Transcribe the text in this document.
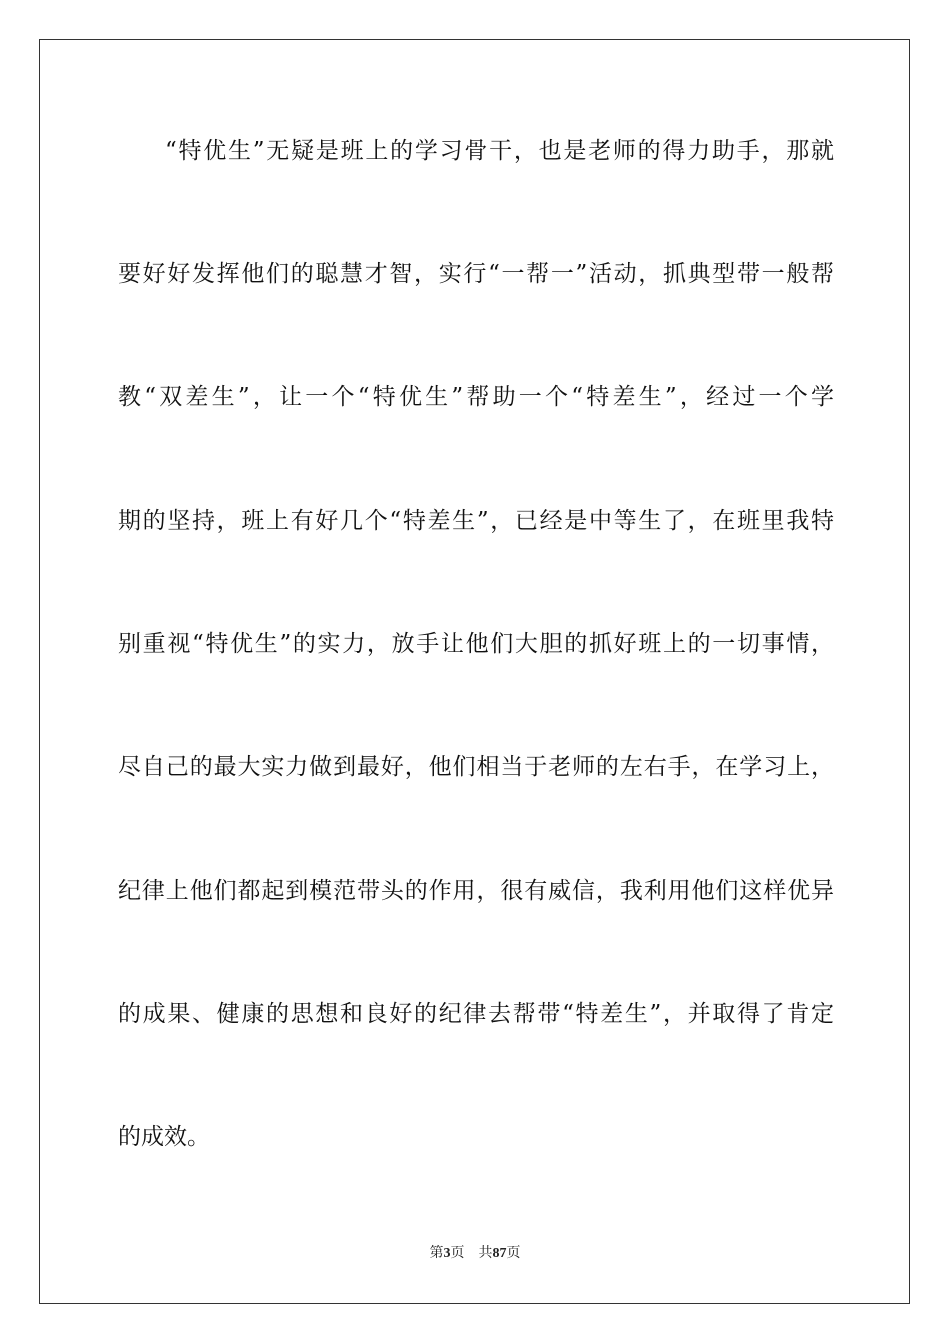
“特优生”无疑是班上的学习骨干，也是老师的得力助手，那就
要好好发挥他们的聪慧才智，实行“一帮一”活动，抓典型带一般帮
教“双差生”，让一个“特优生”帮助一个“特差生”，经过一个学
期的坚持，班上有好几个“特差生”，已经是中等生了，在班里我特
别重视“特优生”的实力，放手让他们大胆的抓好班上的一切事情，
尽自己的最大实力做到最好，他们相当于老师的左右手，在学习上，
纪律上他们都起到模范带头的作用，很有威信，我利用他们这样优异
的成果、健康的思想和良好的纪律去帮带“特差生”，并取得了肯定
的成效。
第3页 共87页
